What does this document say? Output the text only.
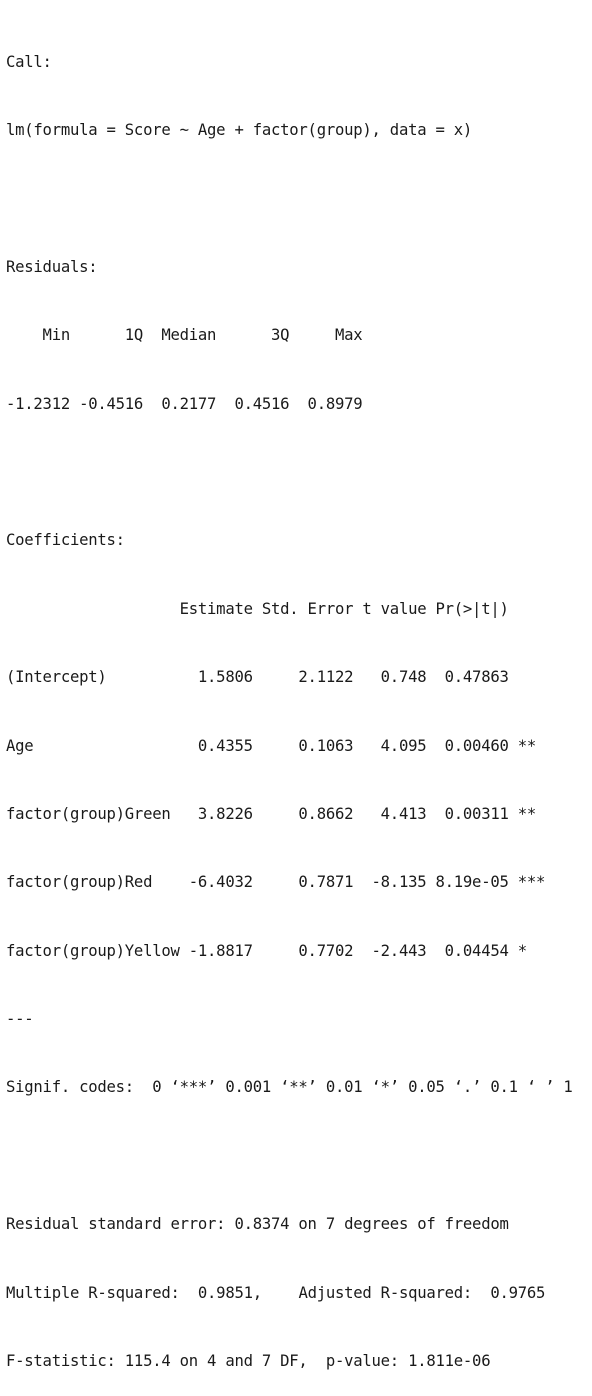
Call:

lm(formula = Score ~ Age + factor(group), data = x)

Residuals:

Min      1Q  Median      3Q     Max

-1.2312 -0.4516  0.2177  0.4516  0.8979

Coefficients:

Estimate Std. Error t value Pr(>|t|)

(Intercept)          1.5806     2.1122   0.748  0.47863

Age                  0.4355     0.1063   4.095  0.00460 **

factor(group)Green   3.8226     0.8662   4.413  0.00311 **

factor(group)Red    -6.4032     0.7871  -8.135 8.19e-05 ***

factor(group)Yellow -1.8817     0.7702  -2.443  0.04454 *

---

Signif. codes:  0 ‘***’ 0.001 ‘**’ 0.01 ‘*’ 0.05 ‘.’ 0.1 ‘ ’ 1

Residual standard error: 0.8374 on 7 degrees of freedom

Multiple R-squared:  0.9851,	Adjusted R-squared:  0.9765

F-statistic: 115.4 on 4 and 7 DF,  p-value: 1.811e-06
